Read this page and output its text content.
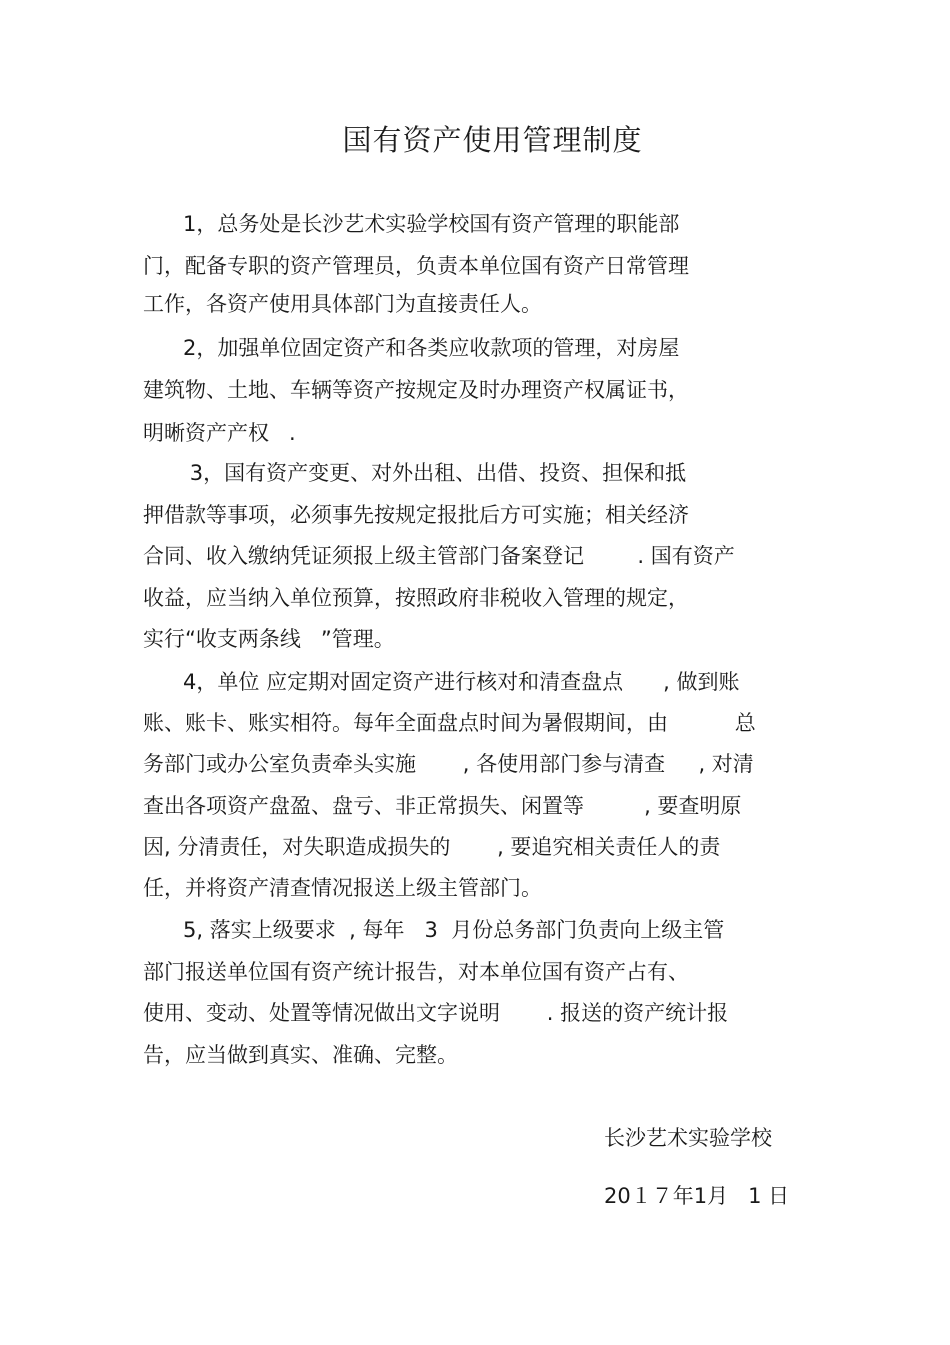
国有资产使用管理制度
1，总务处是长沙艺术实验学校国有资产管理的职能部
门，配备专职的资产管理员，负责本单位国有资产日常管理
工作，各资产使用具体部门为直接责任人。
2，加强单位固定资产和各类应收款项的管理，对房屋
建筑物、土地、车辆等资产按规定及时办理资产权属证书，
明晰资产产权   .
3，国有资产变更、对外出租、出借、投资、担保和抵
押借款等事项，必须事先按规定报批后方可实施；相关经济
合同、收入缴纳凭证须报上级主管部门备案登记        . 国有资产
收益，应当纳入单位预算，按照政府非税收入管理的规定，
实行“收支两条线   ”管理。
4，单位 应定期对固定资产进行核对和清查盘点      , 做到账
账、账卡、账实相符。每年全面盘点时间为暑假期间，由          总
务部门或办公室负责牵头实施       , 各使用部门参与清查     , 对清
查出各项资产盘盈、盘亏、非正常损失、闲置等         , 要查明原
因, 分清责任，对失职造成损失的       , 要追究相关责任人的责
任，并将资产清查情况报送上级主管部门。
5, 落实上级要求  , 每年   3  月份总务部门负责向上级主管
部门报送单位国有资产统计报告，对本单位国有资产占有、
使用、变动、处置等情况做出文字说明       . 报送的资产统计报
告，应当做到真实、准确、完整。
长沙艺术实验学校
20１７年1月   1 日
